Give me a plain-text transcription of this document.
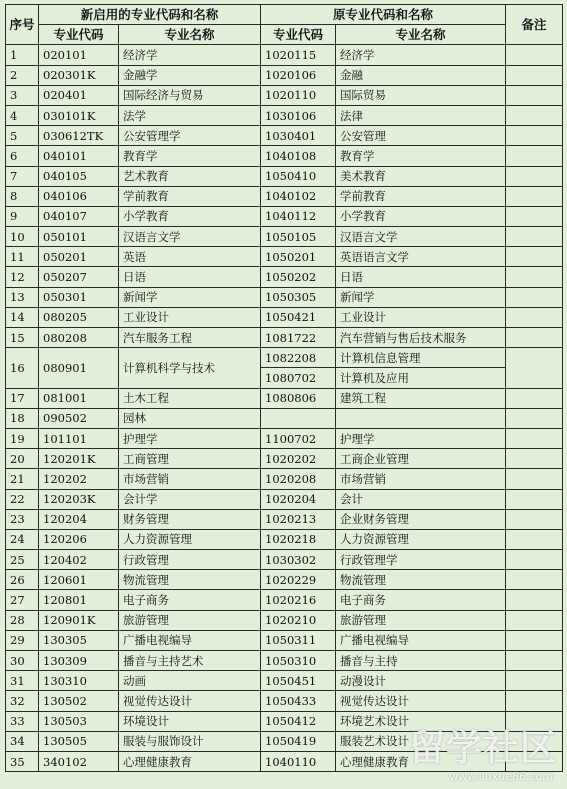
序号	新启用的专业代码和名称		原专业代码和名称		备注
	专业代码	专业名称	专业代码	专业名称	
1	020101	经济学	1020115	经济学	
2	020301K	金融学	1020106	金融	
3	020401	国际经济与贸易	1020110	国际贸易	
4	030101K	法学	1030106	法律	
5	030612TK	公安管理学	1030401	公安管理	
6	040101	教育学	1040108	教育学	
7	040105	艺术教育	1050410	美术教育	
8	040106	学前教育	1040102	学前教育	
9	040107	小学教育	1040112	小学教育	
10	050101	汉语言文学	1050105	汉语言文学	
11	050201	英语	1050201	英语语言文学	
12	050207	日语	1050202	日语	
13	050301	新闻学	1050305	新闻学	
14	080205	工业设计	1050421	工业设计	
15	080208	汽车服务工程	1081722	汽车营销与售后技术服务	
16	080901	计算机科学与技术	1082208	计算机信息管理	
			1080702	计算机及应用	
17	081001	土木工程	1080806	建筑工程	
18	090502	园林			
19	101101	护理学	1100702	护理学	
20	120201K	工商管理	1020202	工商企业管理	
21	120202	市场营销	1020208	市场营销	
22	120203K	会计学	1020204	会计	
23	120204	财务管理	1020213	企业财务管理	
24	120206	人力资源管理	1020218	人力资源管理	
25	120402	行政管理	1030302	行政管理学	
26	120601	物流管理	1020229	物流管理	
27	120801	电子商务	1020216	电子商务	
28	120901K	旅游管理	1020210	旅游管理	
29	130305	广播电视编导	1050311	广播电视编导	
30	130309	播音与主持艺术	1050310	播音与主持	
31	130310	动画	1050451	动漫设计	
32	130502	视觉传达设计	1050433	视觉传达设计	
33	130503	环境设计	1050412	环境艺术设计	
34	130505	服装与服饰设计	1050419	服装艺术设计	
35	340102	心理健康教育	1040110	心理健康教育	留学社区
www.liuxue86.com
